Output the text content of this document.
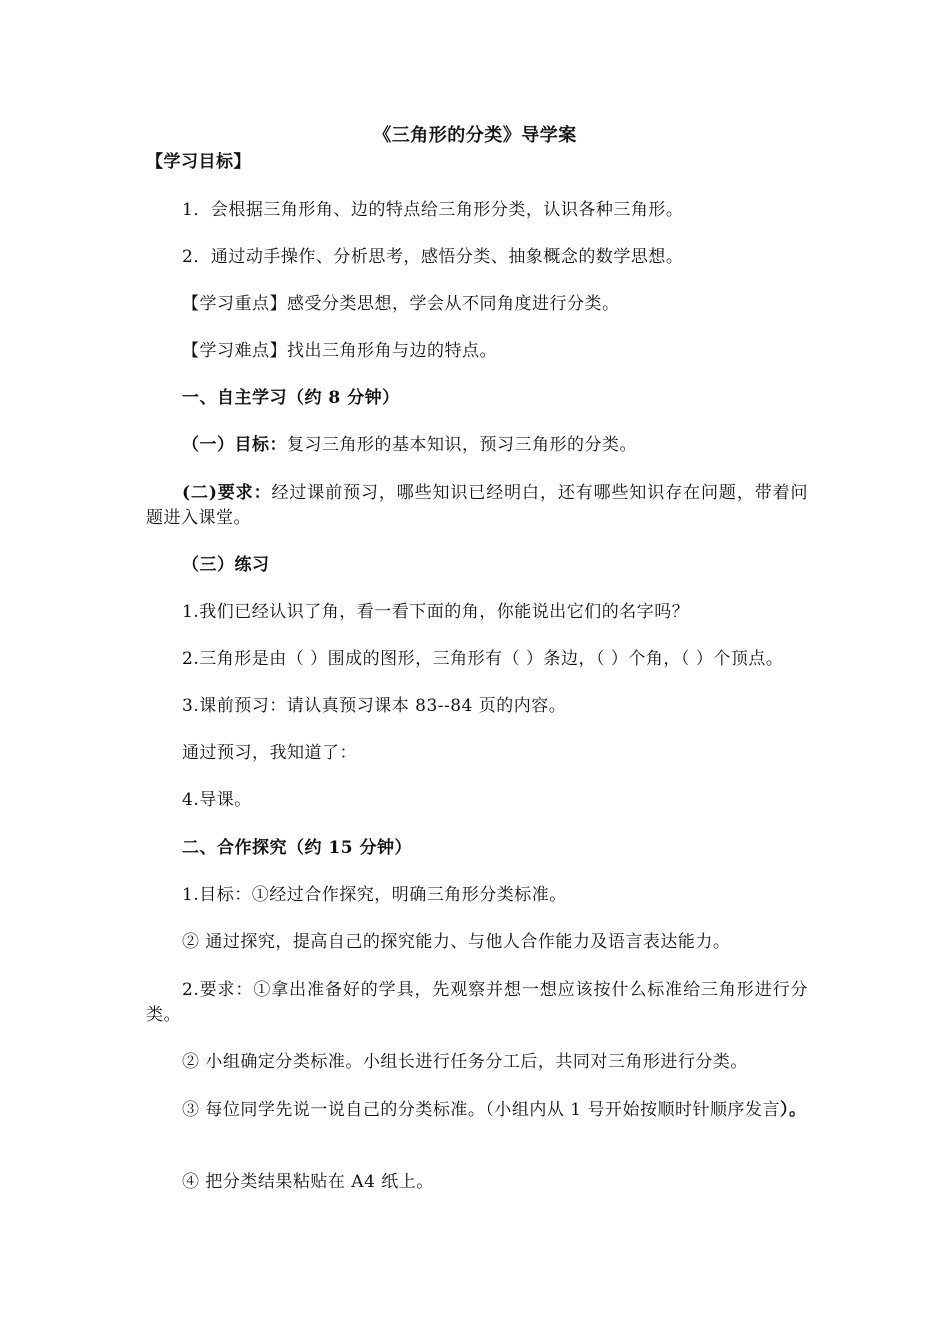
《三角形的分类》导学案
【学习目标】
1．会根据三角形角、边的特点给三角形分类，认识各种三角形。
2．通过动手操作、分析思考，感悟分类、抽象概念的数学思想。
【学习重点】感受分类思想，学会从不同角度进行分类。
【学习难点】找出三角形角与边的特点。
一、自主学习（约 8 分钟）
（一）目标：复习三角形的基本知识，预习三角形的分类。
(二)要求：经过课前预习，哪些知识已经明白，还有哪些知识存在问题，带着问题进入课堂。
（三）练习
1.我们已经认识了角，看一看下面的角，你能说出它们的名字吗？
2.三角形是由（ ）围成的图形，三角形有（ ）条边，（ ）个角，（ ）个顶点。
3.课前预习：请认真预习课本 83--84 页的内容。
通过预习，我知道了：
4.导课。
二、合作探究（约 15 分钟）
1.目标：①经过合作探究，明确三角形分类标准。
② 通过探究，提高自己的探究能力、与他人合作能力及语言表达能力。
2.要求：①拿出准备好的学具，先观察并想一想应该按什么标准给三角形进行分类。
② 小组确定分类标准。小组长进行任务分工后，共同对三角形进行分类。
③ 每位同学先说一说自己的分类标准。（小组内从 1 号开始按顺时针顺序发言）。
④ 把分类结果粘贴在 A4 纸上。
